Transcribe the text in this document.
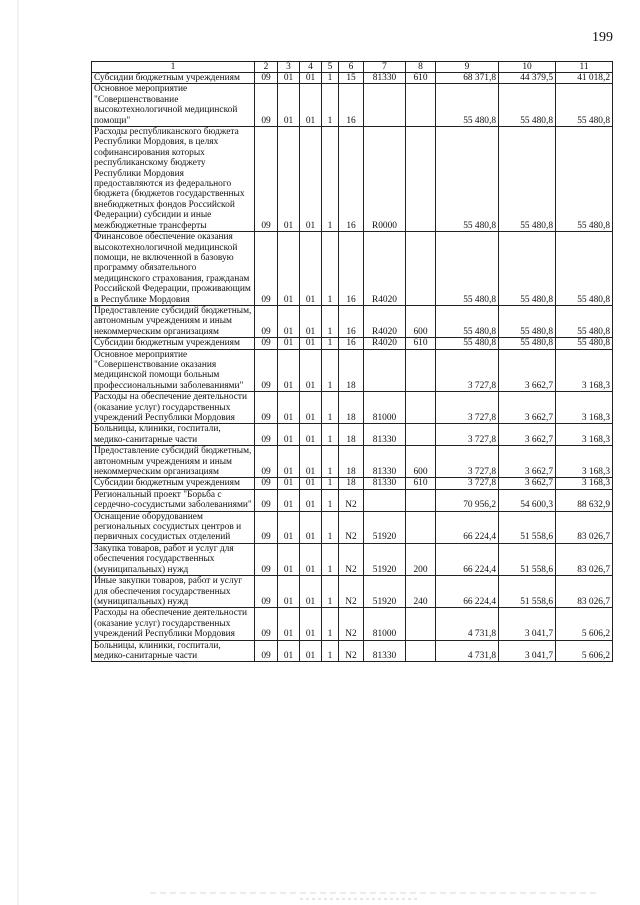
199
1	2	3	4	5	6	7	8	9	10	11
Субсидии бюджетным учреждениям	09	01	01	1	15	81330	610	68 371,8	44 379,5	41 018,2
Основное мероприятие "Совершенствование высокотехнологичной медицинской помощи"	09	01	01	1	16			55 480,8	55 480,8	55 480,8
Расходы республиканского бюджета Республики Мордовия, в целях софинансирования которых республиканскому бюджету Республики Мордовия предоставляются из федерального бюджета (бюджетов государственных внебюджетных фондов Российской Федерации) субсидии и иные межбюджетные трансферты	09	01	01	1	16	R0000		55 480,8	55 480,8	55 480,8
Финансовое обеспечение оказания высокотехнологичной медицинской помощи, не включенной в базовую программу обязательного медицинского страхования, гражданам Российской Федерации, проживающим в Республике Мордовия	09	01	01	1	16	R4020		55 480,8	55 480,8	55 480,8
Предоставление субсидий бюджетным, автономным учреждениям и иным некоммерческим организациям	09	01	01	1	16	R4020	600	55 480,8	55 480,8	55 480,8
Субсидии бюджетным учреждениям	09	01	01	1	16	R4020	610	55 480,8	55 480,8	55 480,8
Основное мероприятие "Совершенствование оказания медицинской помощи больным профессиональными заболеваниями"	09	01	01	1	18			3 727,8	3 662,7	3 168,3
Расходы на обеспечение деятельности (оказание услуг) государственных учреждений Республики Мордовия	09	01	01	1	18	81000		3 727,8	3 662,7	3 168,3
Больницы, клиники, госпитали, медико-санитарные части	09	01	01	1	18	81330		3 727,8	3 662,7	3 168,3
Предоставление субсидий бюджетным, автономным учреждениям и иным некоммерческим организациям	09	01	01	1	18	81330	600	3 727,8	3 662,7	3 168,3
Субсидии бюджетным учреждениям	09	01	01	1	18	81330	610	3 727,8	3 662,7	3 168,3
Региональный проект "Борьба с сердечно-сосудистыми заболеваниями"	09	01	01	1	N2			70 956,2	54 600,3	88 632,9
Оснащение оборудованием региональных сосудистых центров и первичных сосудистых отделений	09	01	01	1	N2	51920		66 224,4	51 558,6	83 026,7
Закупка товаров, работ и услуг для обеспечения государственных (муниципальных) нужд	09	01	01	1	N2	51920	200	66 224,4	51 558,6	83 026,7
Иные закупки товаров, работ и услуг для обеспечения государственных (муниципальных) нужд	09	01	01	1	N2	51920	240	66 224,4	51 558,6	83 026,7
Расходы на обеспечение деятельности (оказание услуг) государственных учреждений Республики Мордовия	09	01	01	1	N2	81000		4 731,8	3 041,7	5 606,2
Больницы, клиники, госпитали, медико-санитарные части	09	01	01	1	N2	81330		4 731,8	3 041,7	5 606,2
